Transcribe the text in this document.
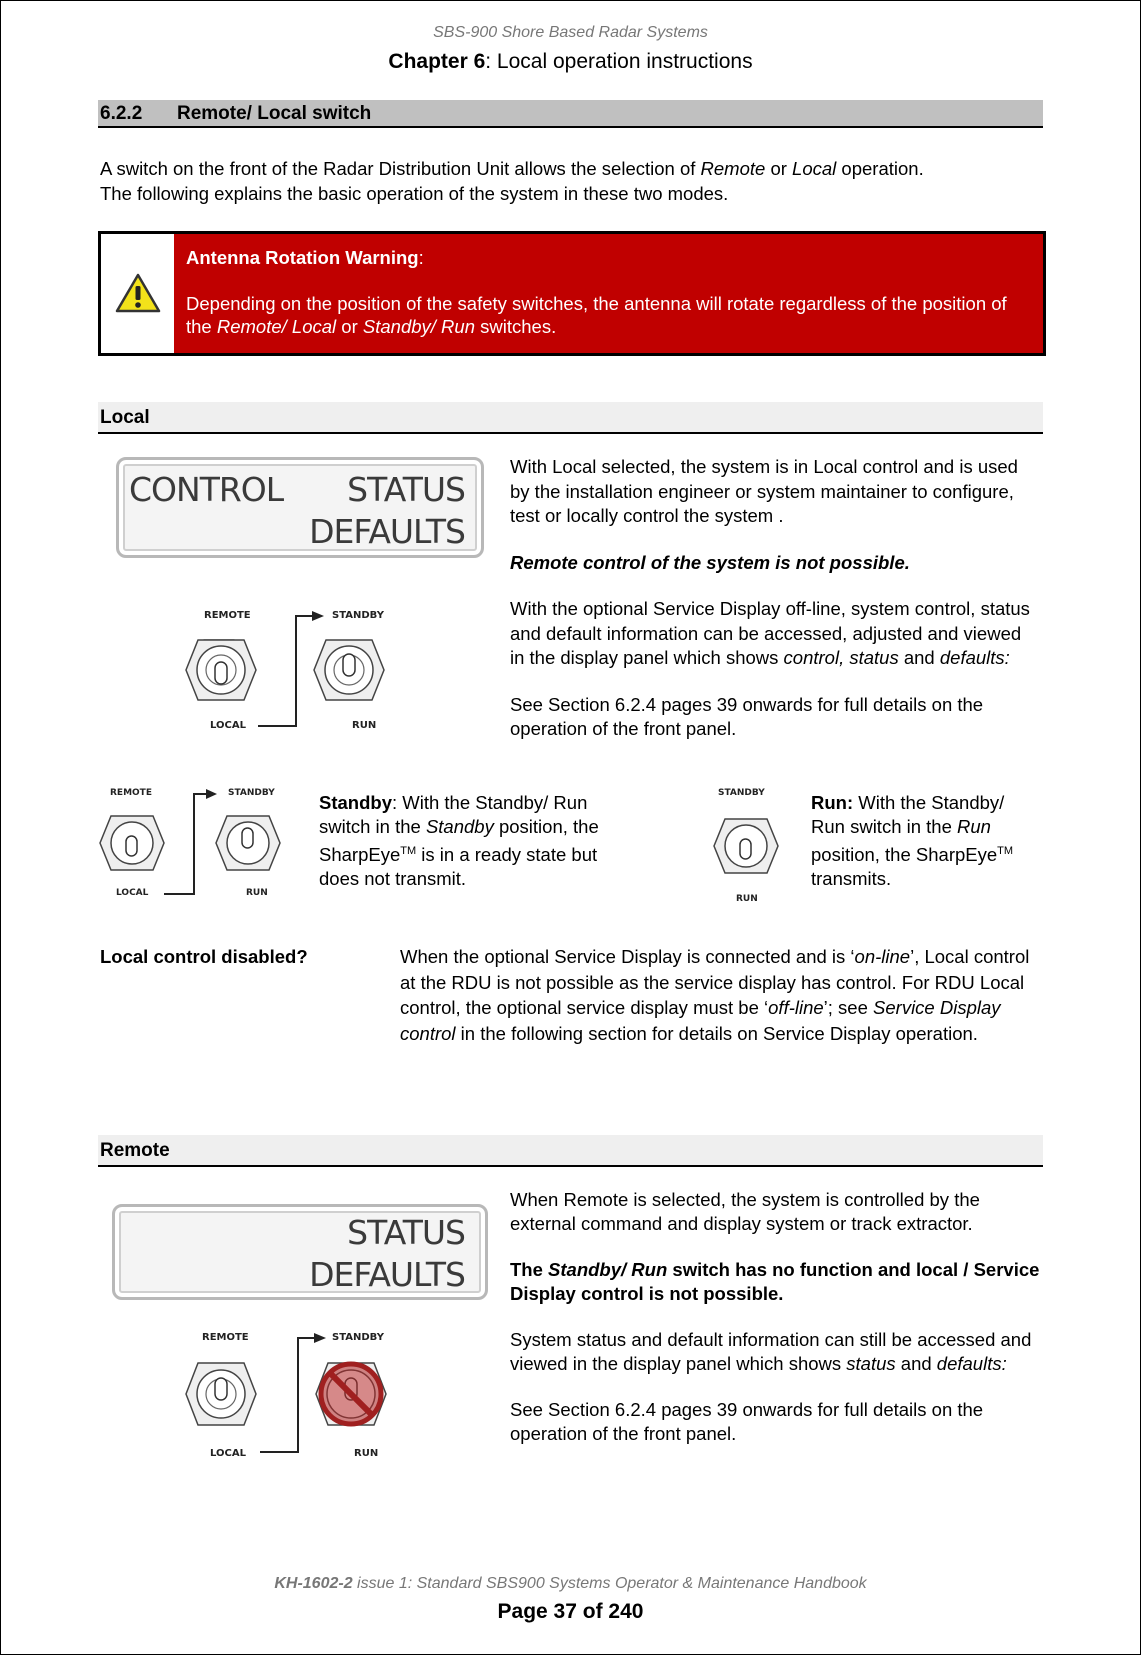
SBS-900 Shore Based Radar Systems
Chapter 6: Local operation instructions
6.2.2 Remote/ Local switch
A switch on the front of the Radar Distribution Unit allows the selection of Remote or Local operation.
The following explains the basic operation of the system in these two modes.
Antenna Rotation Warning:
Depending on the position of the safety switches, the antenna will rotate regardless of the position of the Remote/ Local or Standby/ Run switches.
Local
CONTROL STATUS
DEFAULTS
REMOTE	STANDBY
LOCAL	RUN
With Local selected, the system is in Local control and is used by the installation engineer or system maintainer to configure, test or locally control the system .
Remote control of the system is not possible.
With the optional Service Display off-line, system control, status and default information can be accessed, adjusted and viewed in the display panel which shows control, status and defaults:
See Section 6.2.4 pages 39 onwards for full details on the operation of the front panel.
REMOTE	STANDBY
LOCAL	RUN
Standby: With the Standby/ Run switch in the Standby position, the SharpEye™ is in a ready state but does not transmit.
STANDBY
RUN
Run: With the Standby/ Run switch in the Run position, the SharpEye™ transmits.
Local control disabled?	When the optional Service Display is connected and is ‘on-line’, Local control at the RDU is not possible as the service display has control. For RDU Local control, the optional service display must be ‘off-line’; see Service Display control in the following section for details on Service Display operation.
Remote
STATUS
DEFAULTS
REMOTE	STANDBY
LOCAL	RUN
When Remote is selected, the system is controlled by the external command and display system or track extractor.
The Standby/ Run switch has no function and local / Service Display control is not possible.
System status and default information can still be accessed and viewed in the display panel which shows status and defaults:
See Section 6.2.4 pages 39 onwards for full details on the operation of the front panel.
KH-1602-2 issue 1: Standard SBS900 Systems Operator & Maintenance Handbook
Page 37 of 240
